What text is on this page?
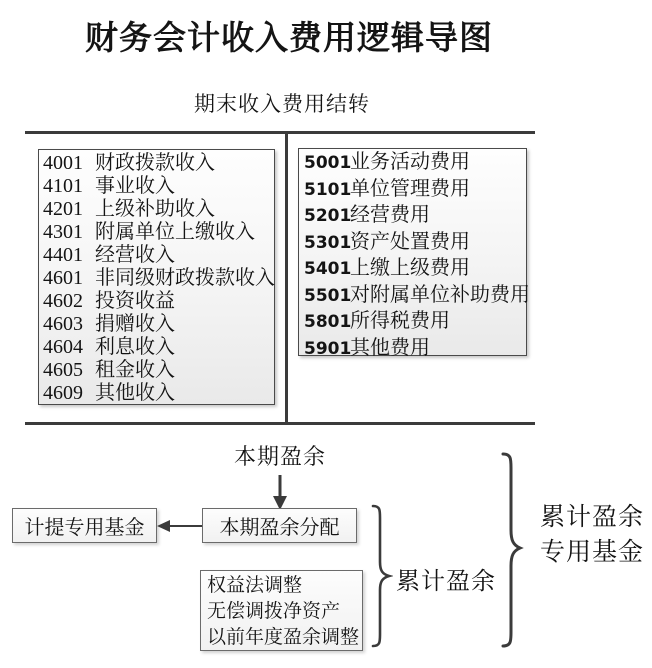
财务会计收入费用逻辑导图
期末收入费用结转
4001 财政拨款收入
4101 事业收入
4201 上级补助收入
4301 附属单位上缴收入
4401 经营收入
4601 非同级财政拨款收入
4602 投资收益
4603 捐赠收入
4604 利息收入
4605 租金收入
4609 其他收入
5001业务活动费用
5101单位管理费用
5201经营费用
5301资产处置费用
5401上缴上级费用
5501对附属单位补助费用
5801所得税费用
5901其他费用
本期盈余
计提专用基金	本期盈余分配
权益法调整
无偿调拨净资产
以前年度盈余调整
累计盈余
累计盈余
专用基金
